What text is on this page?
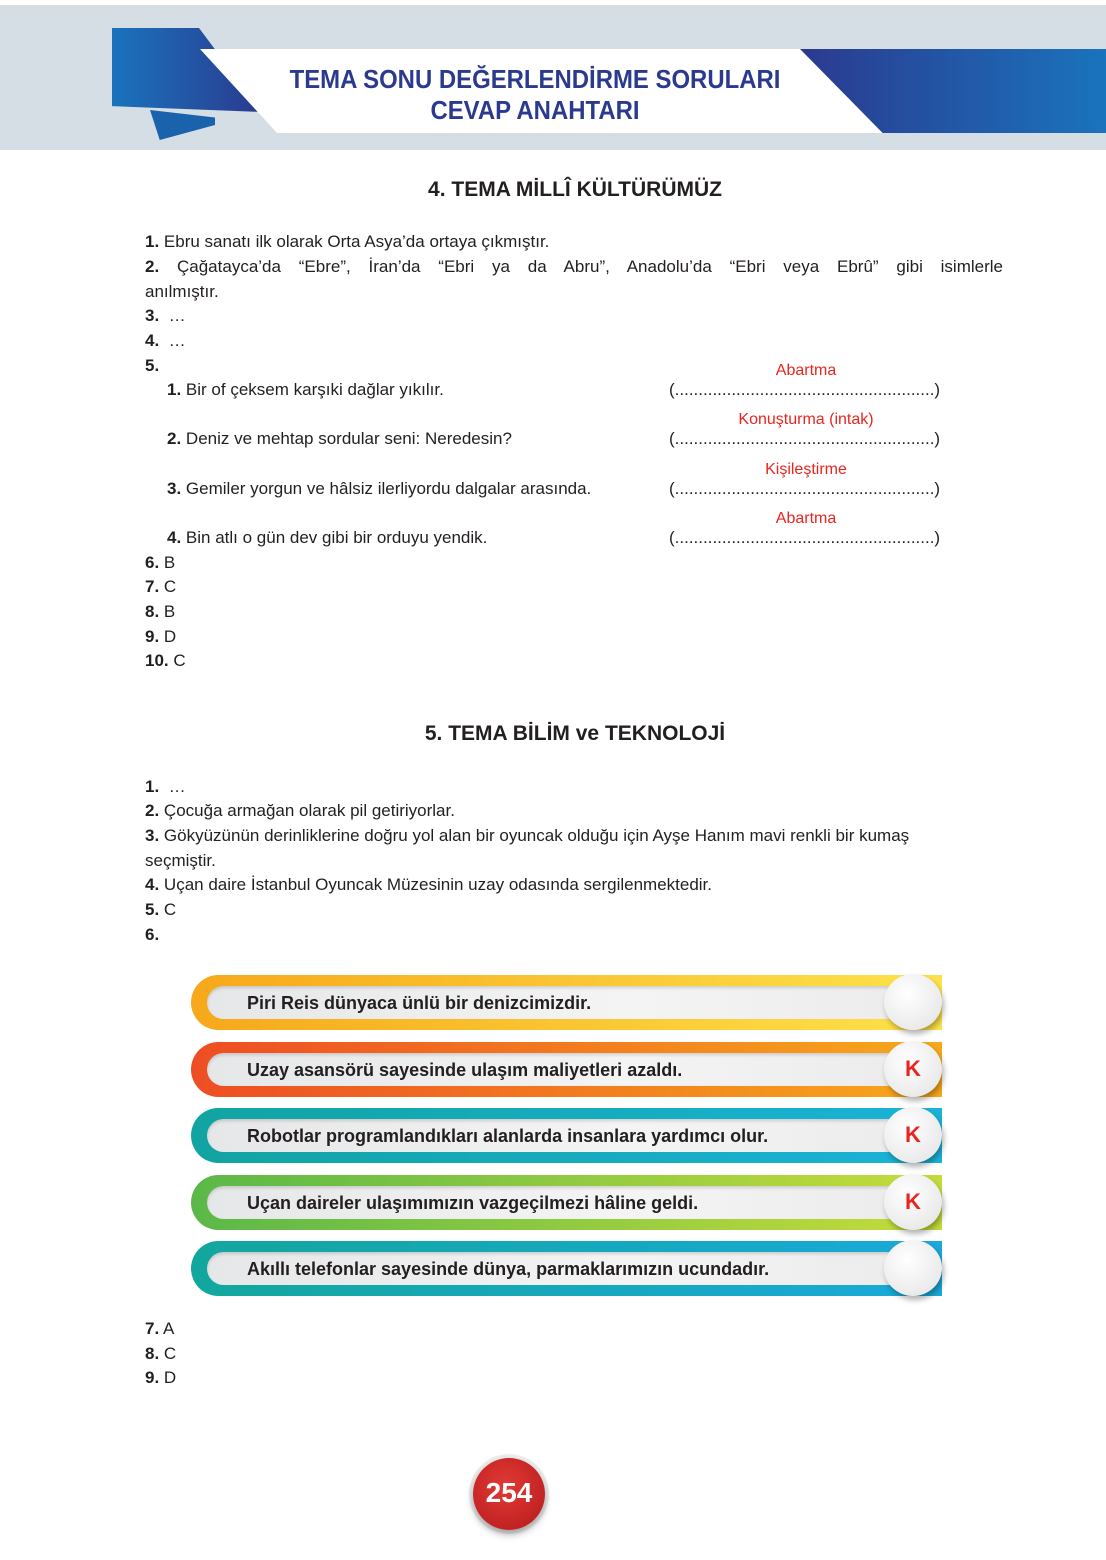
TEMA SONU DEĞERLENDİRME SORULARI
CEVAP ANAHTARI
4. TEMA MİLLÎ KÜLTÜRÜMÜZ
1. Ebru sanatı ilk olarak Orta Asya’da ortaya çıkmıştır.
2. Çağatayca’da “Ebre”, İran’da “Ebri ya da Abru”, Anadolu’da “Ebri veya Ebrû” gibi isimlerle
anılmıştır.
3. …
4. …
5.
1. Bir of çeksem karşıki dağlar yıkılır.
Abartma
(.......................................................)
2. Deniz ve mehtap sordular seni: Neredesin?
Konuşturma (intak)
(.......................................................)
3. Gemiler yorgun ve hâlsiz ilerliyordu dalgalar arasında.
Kişileştirme
(.......................................................)
4. Bin atlı o gün dev gibi bir orduyu yendik.
Abartma
(.......................................................)
6. B
7. C
8. B
9. D
10. C
5. TEMA BİLİM ve TEKNOLOJİ
1. …
2. Çocuğa armağan olarak pil getiriyorlar.
3. Gökyüzünün derinliklerine doğru yol alan bir oyuncak olduğu için Ayşe Hanım mavi renkli bir kumaş
seçmiştir.
4. Uçan daire İstanbul Oyuncak Müzesinin uzay odasında sergilenmektedir.
5. C
6.
Piri Reis dünyaca ünlü bir denizcimizdir.
Uzay asansörü sayesinde ulaşım maliyetleri azaldı.	K
Robotlar programlandıkları alanlarda insanlara yardımcı olur.	K
Uçan daireler ulaşımımızın vazgeçilmezi hâline geldi.	K
Akıllı telefonlar sayesinde dünya, parmaklarımızın ucundadır.
7. A
8. C
9. D
254
